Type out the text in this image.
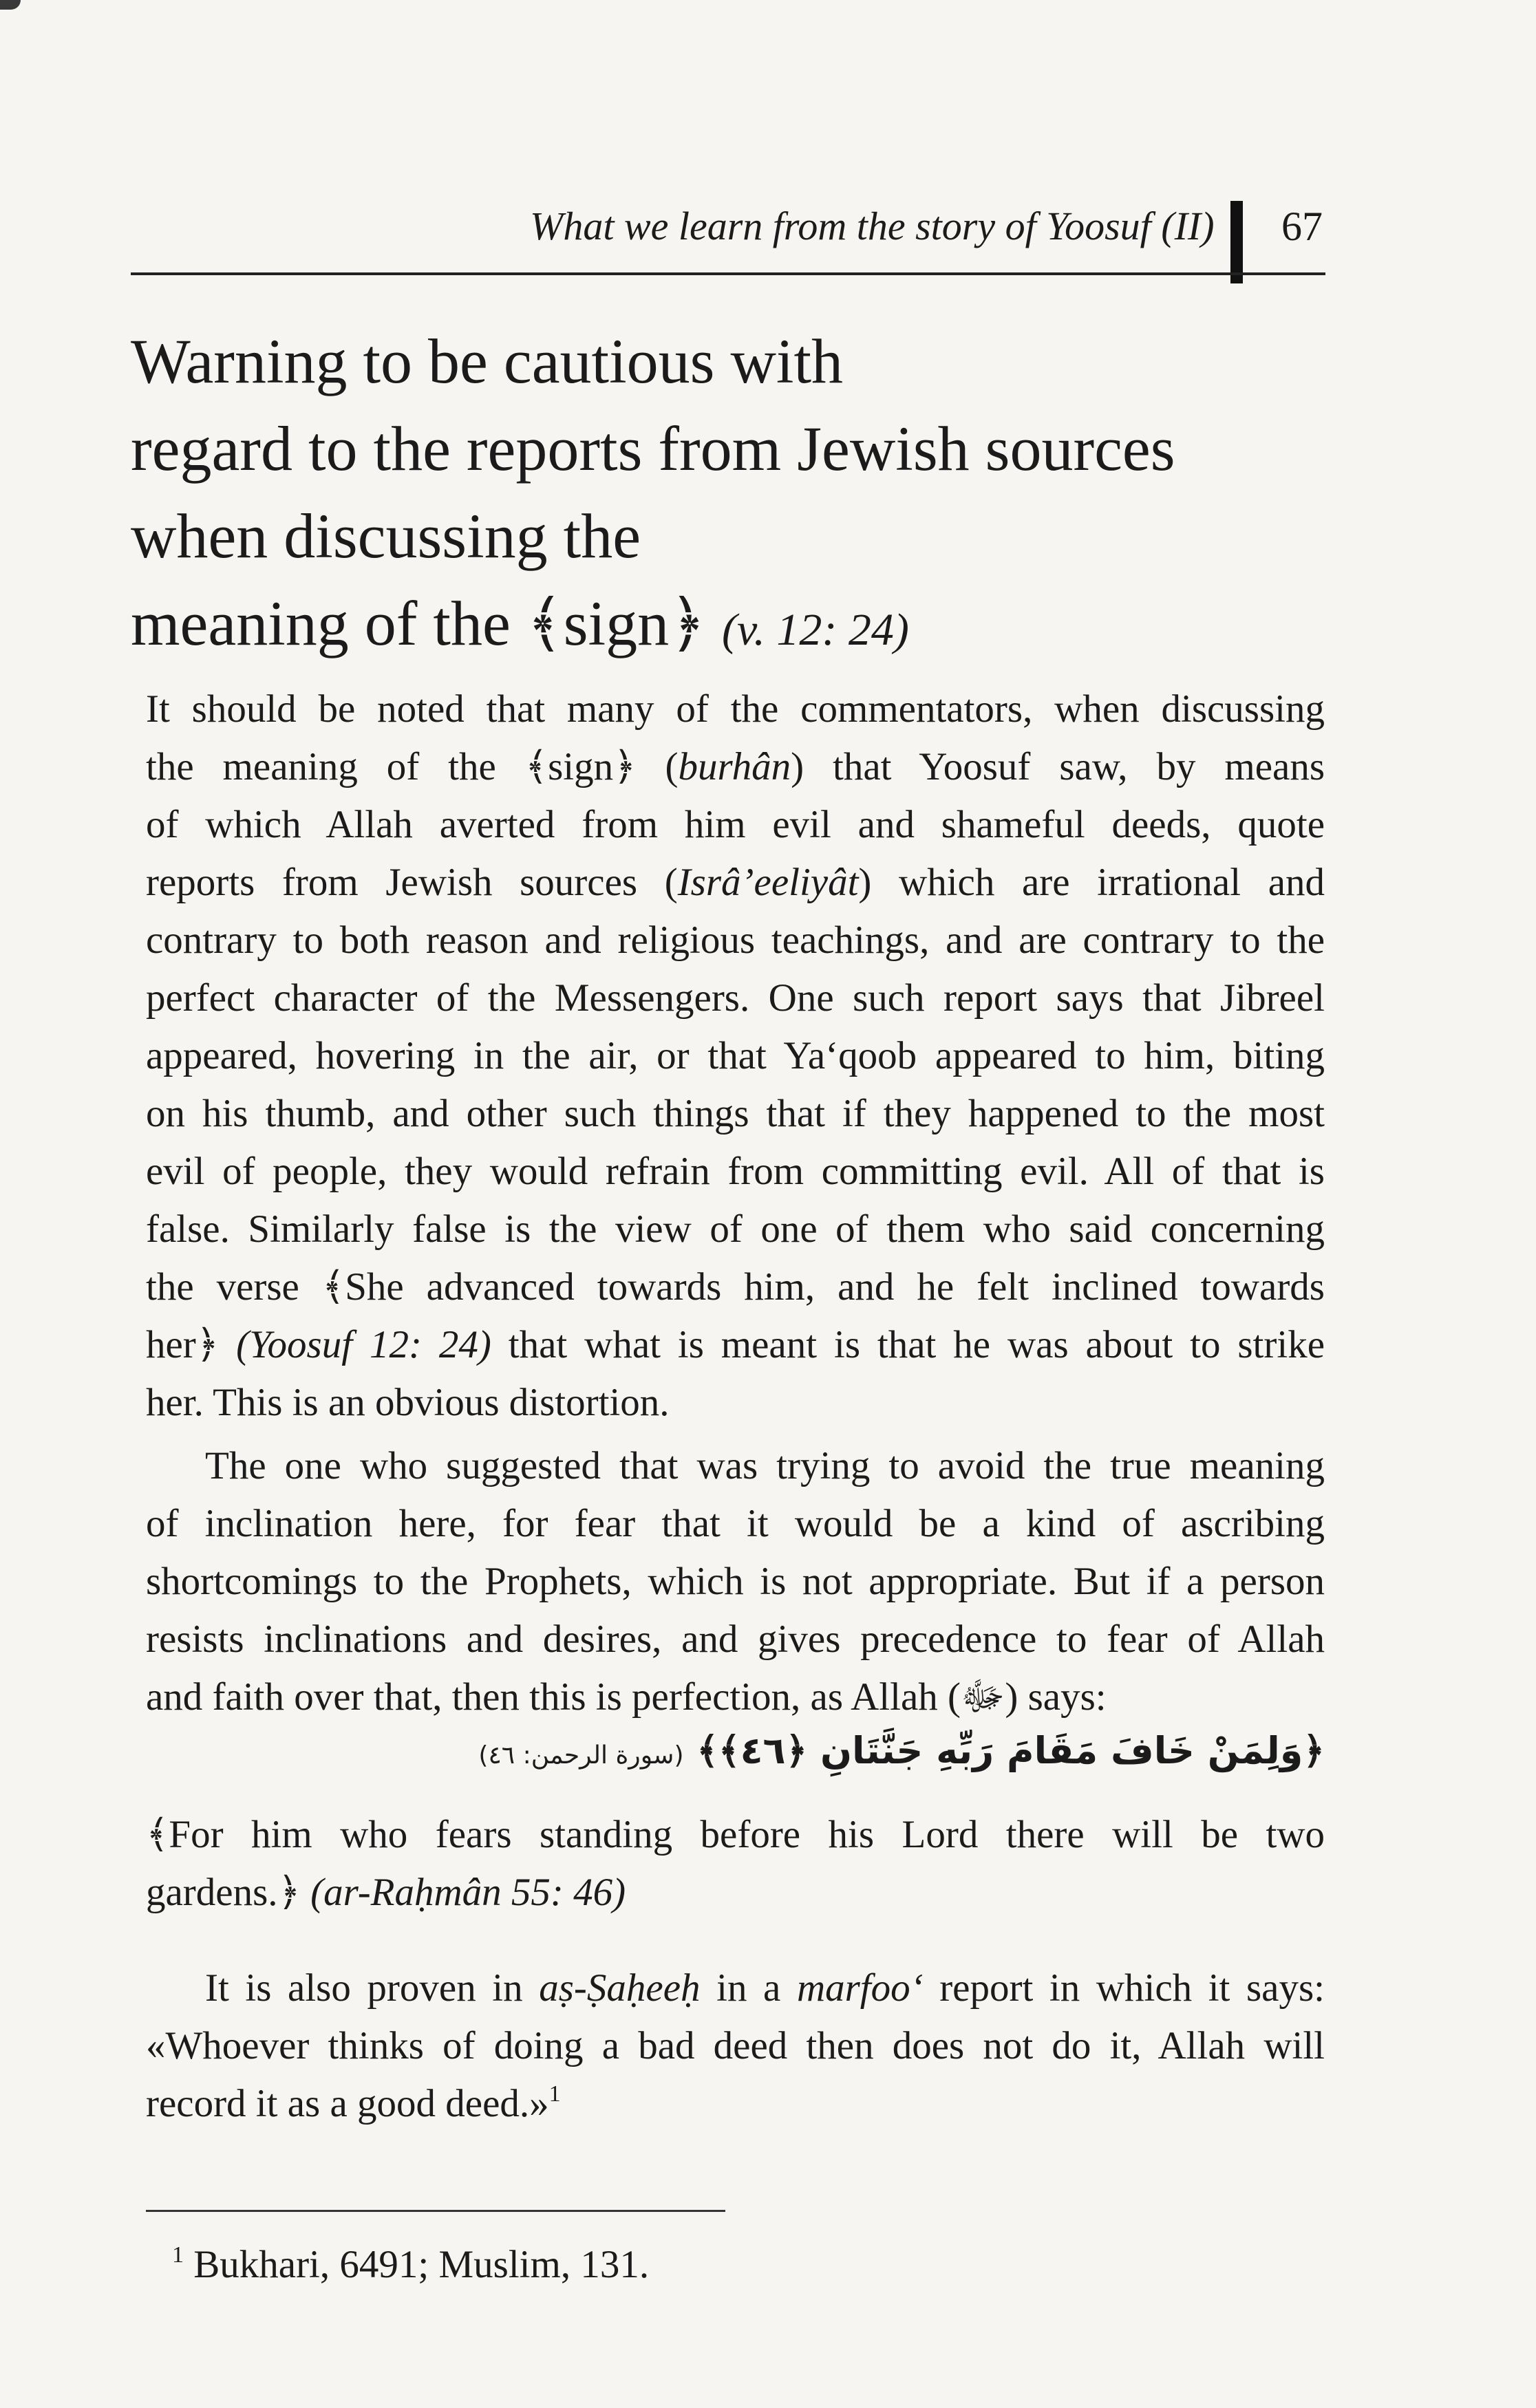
What we learn from the story of Yoosuf (II) 67
Warning to be cautious with
regard to the reports from Jewish sources
when discussing the
meaning of the ﴾sign﴿ (v. 12: 24)
It should be noted that many of the commentators, when discussing
the meaning of the ﴾sign﴿ (burhân) that Yoosuf saw, by means
of which Allah averted from him evil and shameful deeds, quote
reports from Jewish sources (Isrâ’eeliyât) which are irrational and
contrary to both reason and religious teachings, and are contrary to the
perfect character of the Messengers. One such report says that Jibreel
appeared, hovering in the air, or that Ya‘qoob appeared to him, biting
on his thumb, and other such things that if they happened to the most
evil of people, they would refrain from committing evil. All of that is
false. Similarly false is the view of one of them who said concerning
the verse ﴾She advanced towards him, and he felt inclined towards
her﴿ (Yoosuf 12: 24) that what is meant is that he was about to strike
her. This is an obvious distortion.
The one who suggested that was trying to avoid the true meaning
of inclination here, for fear that it would be a kind of ascribing
shortcomings to the Prophets, which is not appropriate. But if a person
resists inclinations and desires, and gives precedence to fear of Allah
and faith over that, then this is perfection, as Allah (ﷻ) says:
﴿وَلِمَنْ خَافَ مَقَامَ رَبِّهِ جَنَّتَانِ ﴿٤٦﴾﴾ (سورة الرحمن: ٤٦)
﴾For him who fears standing before his Lord there will be two
gardens.﴿ (ar-Raḥmân 55: 46)
It is also proven in aṣ-Ṣaḥeeḥ in a marfoo‘ report in which it says:
«Whoever thinks of doing a bad deed then does not do it, Allah will
record it as a good deed.»$^1$
$^1$ Bukhari, 6491; Muslim, 131.
